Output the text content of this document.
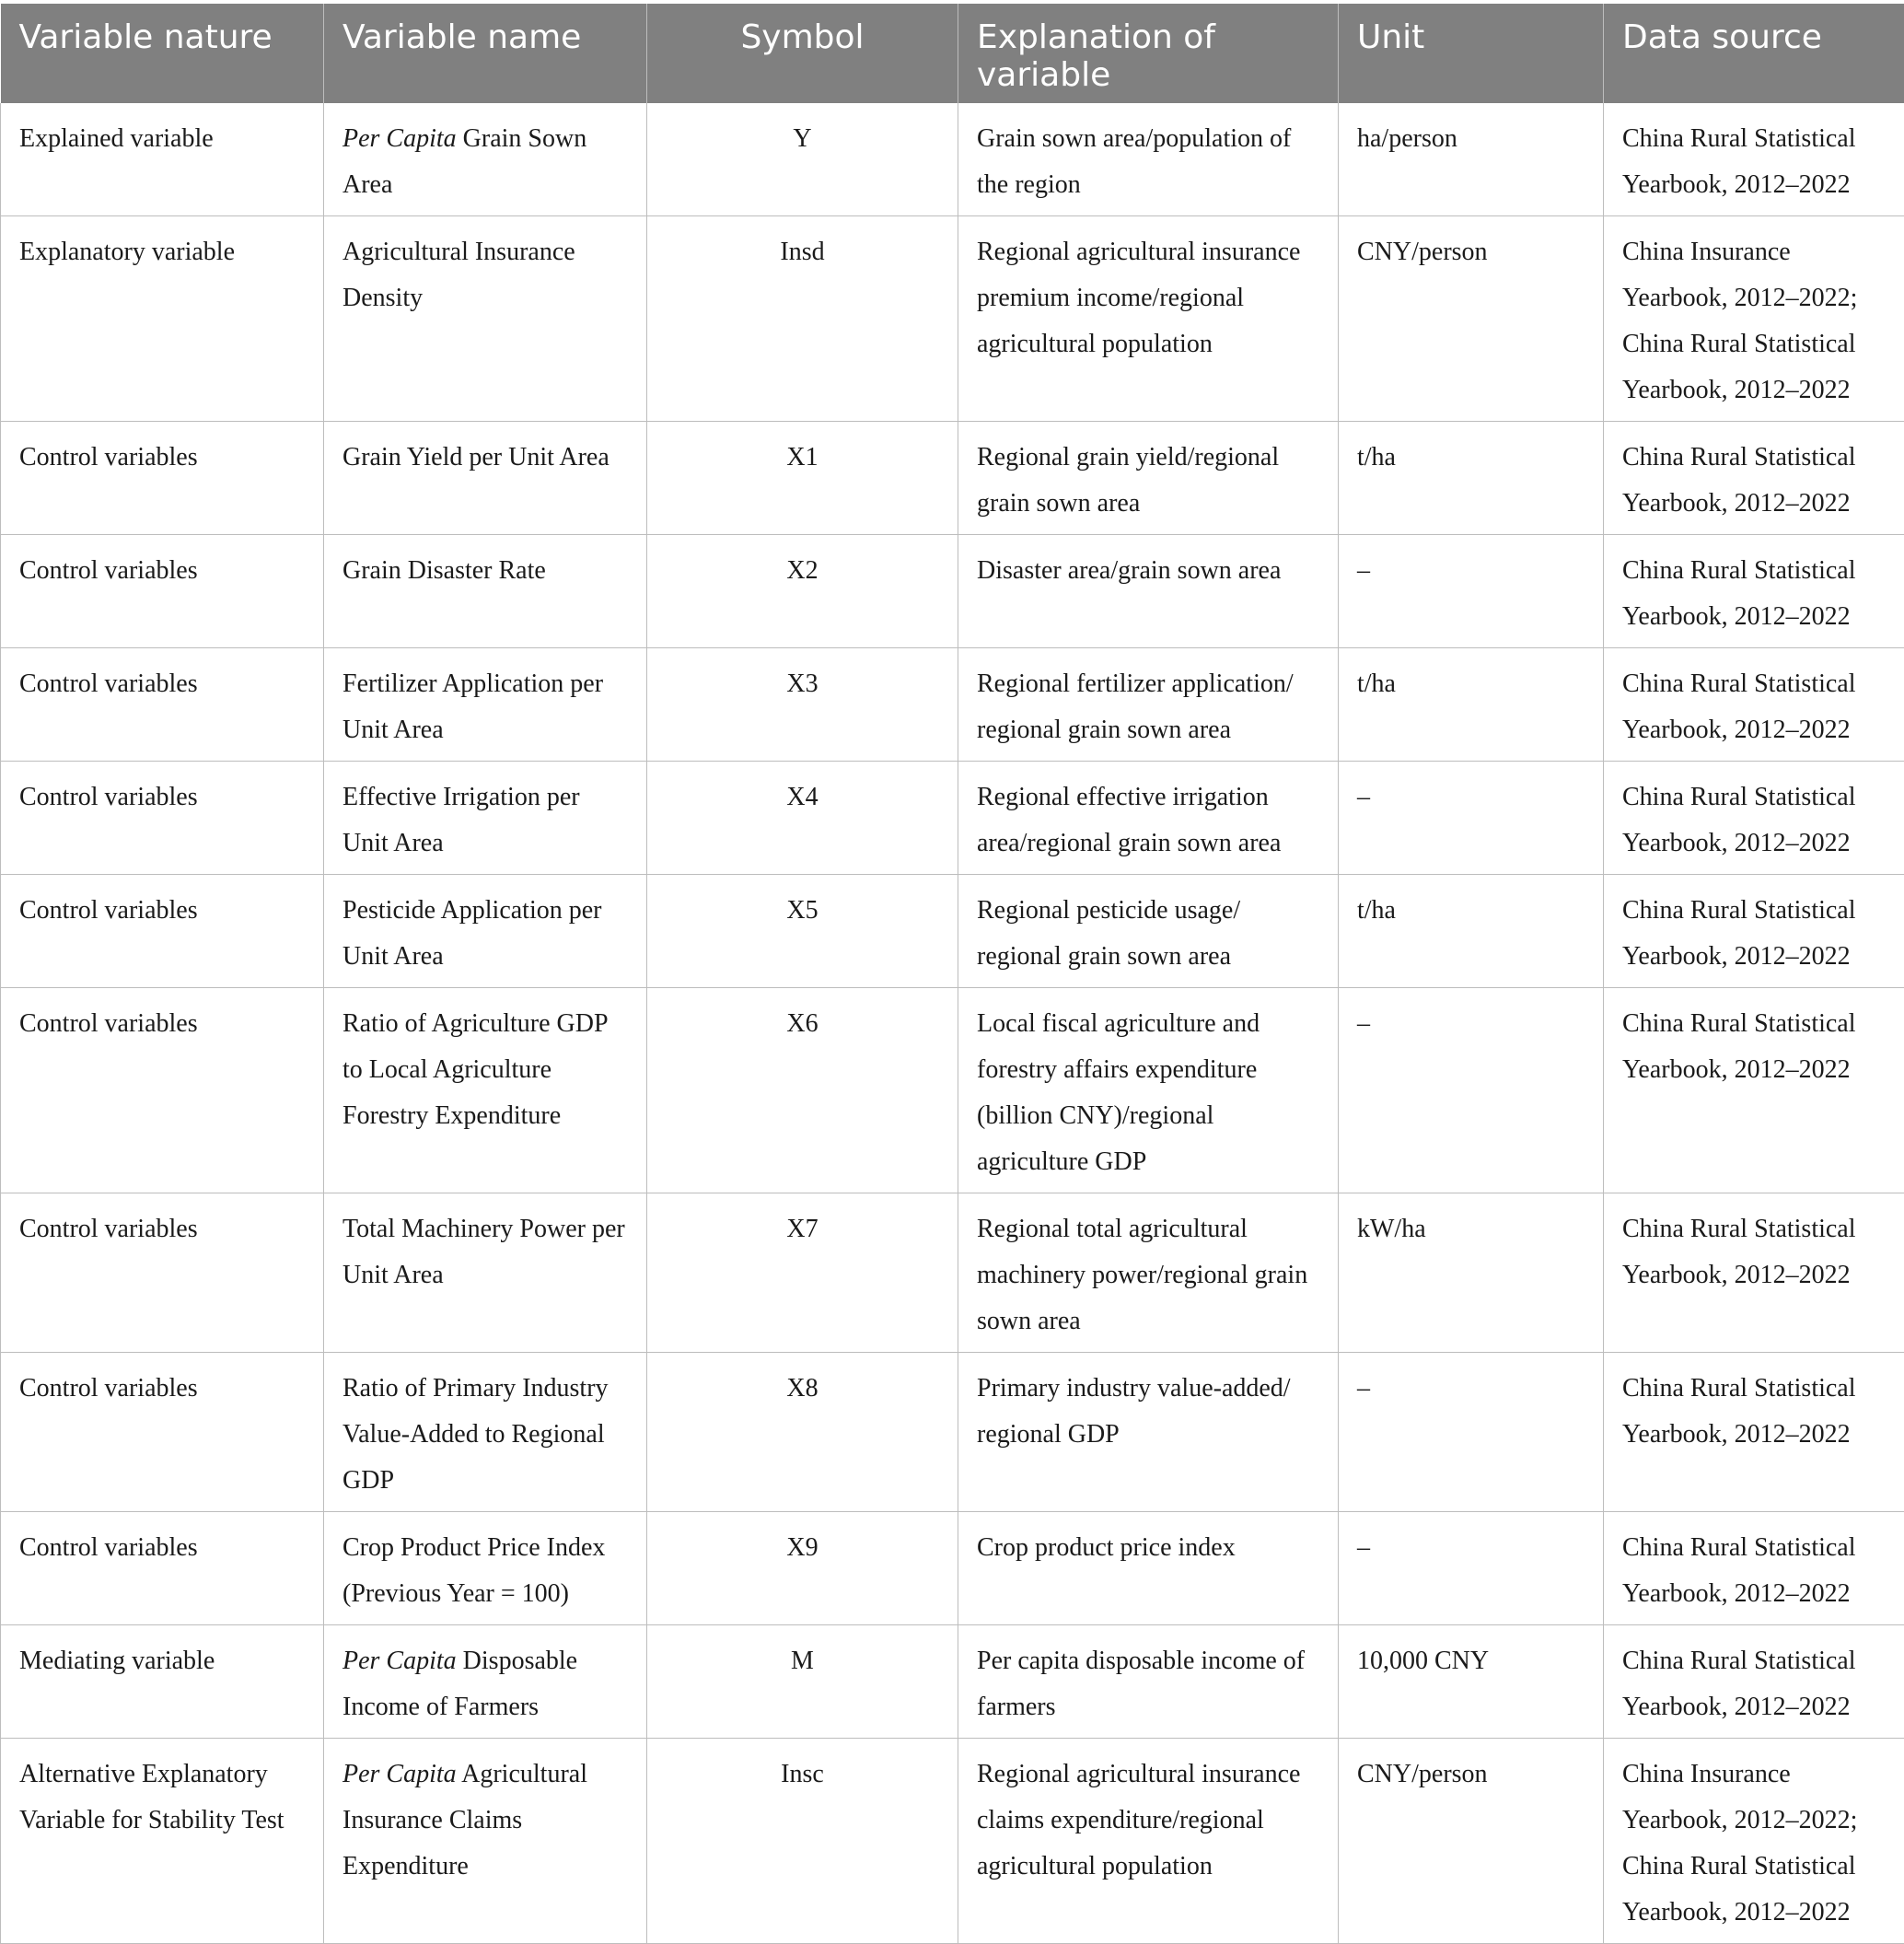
Variable nature	Variable name	Symbol	Explanation of variable	Unit	Data source
Explained variable	Per Capita Grain Sown Area	Y	Grain sown area/population of the region	ha/person	China Rural Statistical Yearbook, 2012–2022
Explanatory variable	Agricultural Insurance Density	Insd	Regional agricultural insurance premium income/regional agricultural population	CNY/person	China Insurance Yearbook, 2012–2022; China Rural Statistical Yearbook, 2012–2022
Control variables	Grain Yield per Unit Area	X1	Regional grain yield/regional grain sown area	t/ha	China Rural Statistical Yearbook, 2012–2022
Control variables	Grain Disaster Rate	X2	Disaster area/grain sown area	–	China Rural Statistical Yearbook, 2012–2022
Control variables	Fertilizer Application per Unit Area	X3	Regional fertilizer application/ regional grain sown area	t/ha	China Rural Statistical Yearbook, 2012–2022
Control variables	Effective Irrigation per Unit Area	X4	Regional effective irrigation area/regional grain sown area	–	China Rural Statistical Yearbook, 2012–2022
Control variables	Pesticide Application per Unit Area	X5	Regional pesticide usage/ regional grain sown area	t/ha	China Rural Statistical Yearbook, 2012–2022
Control variables	Ratio of Agriculture GDP to Local Agriculture Forestry Expenditure	X6	Local fiscal agriculture and forestry affairs expenditure (billion CNY)/regional agriculture GDP	–	China Rural Statistical Yearbook, 2012–2022
Control variables	Total Machinery Power per Unit Area	X7	Regional total agricultural machinery power/regional grain sown area	kW/ha	China Rural Statistical Yearbook, 2012–2022
Control variables	Ratio of Primary Industry Value-Added to Regional GDP	X8	Primary industry value-added/ regional GDP	–	China Rural Statistical Yearbook, 2012–2022
Control variables	Crop Product Price Index (Previous Year = 100)	X9	Crop product price index	–	China Rural Statistical Yearbook, 2012–2022
Mediating variable	Per Capita Disposable Income of Farmers	M	Per capita disposable income of farmers	10,000 CNY	China Rural Statistical Yearbook, 2012–2022
Alternative Explanatory Variable for Stability Test	Per Capita Agricultural Insurance Claims Expenditure	Insc	Regional agricultural insurance claims expenditure/regional agricultural population	CNY/person	China Insurance Yearbook, 2012–2022; China Rural Statistical Yearbook, 2012–2022
